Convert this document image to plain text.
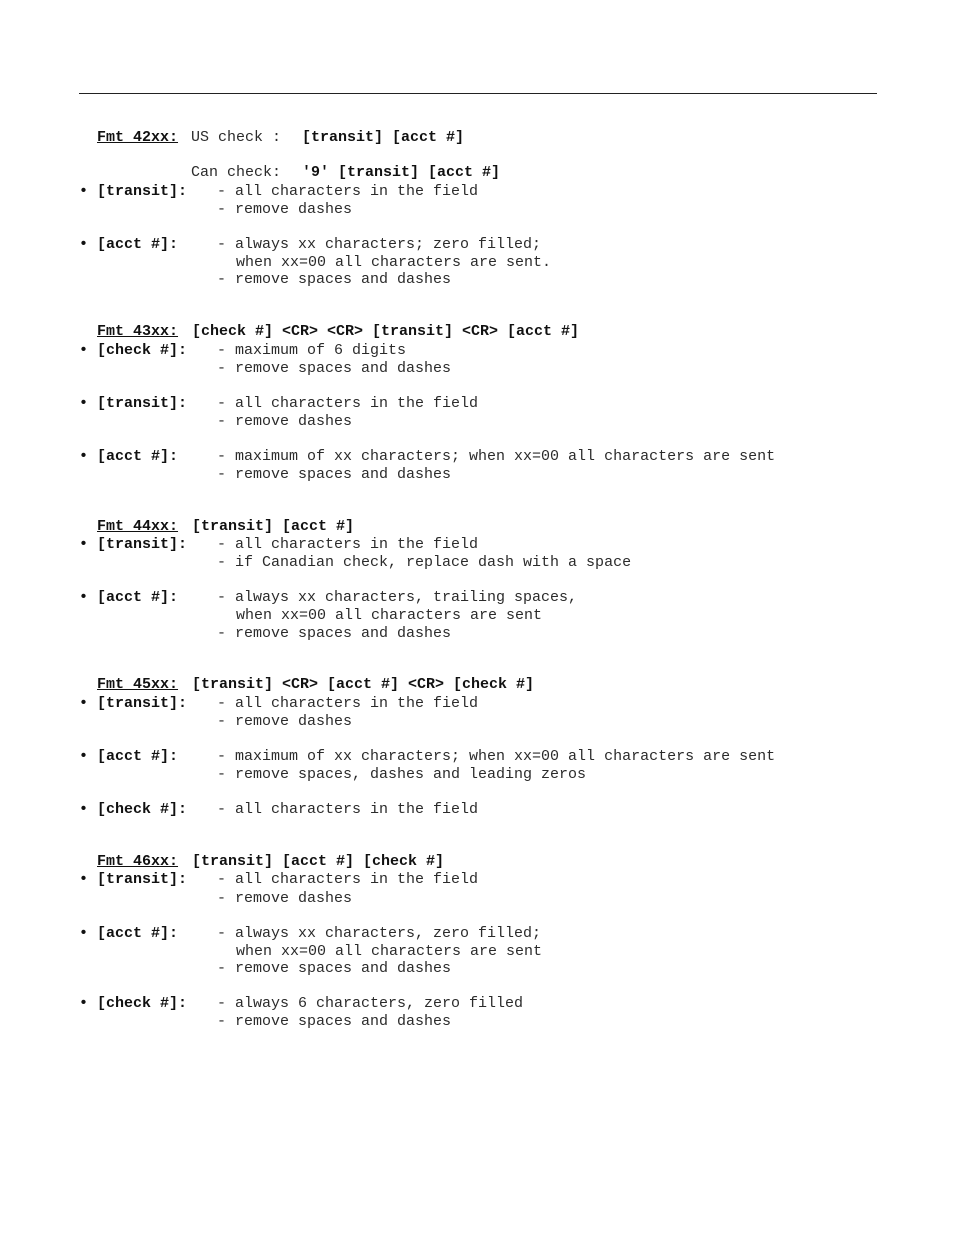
Fmt 42xx: US check : [transit] [acct #]

Can check: '9' [transit] [acct #]

• [transit]: - all characters in the field
- remove dashes
• [acct #]:	- always xx characters; zero filled;
when xx=00 all characters are sent.
- remove spaces and dashes

Fmt 43xx: [check #] <CR> <CR> [transit] <CR> [acct #]

• [check #]: - maximum of 6 digits
- remove spaces and dashes
• [transit]: - all characters in the field
- remove dashes
• [acct #]:	- maximum of xx characters; when xx=00 all characters are sent
- remove spaces and dashes

Fmt 44xx: [transit] [acct #]

• [transit]: - all characters in the field
- if Canadian check, replace dash with a space
• [acct #]:	- always xx characters, trailing spaces,
when xx=00 all characters are sent
- remove spaces and dashes

Fmt 45xx: [transit] <CR> [acct #] <CR> [check #]

• [transit]: - all characters in the field
- remove dashes
• [acct #]:	- maximum of xx characters; when xx=00 all characters are sent
- remove spaces, dashes and leading zeros
• [check #]: - all characters in the field

Fmt 46xx: [transit] [acct #] [check #]

• [transit]: - all characters in the field
- remove dashes
• [acct #]:	- always xx characters, zero filled;
when xx=00 all characters are sent
- remove spaces and dashes
• [check #]: - always 6 characters, zero filled
- remove spaces and dashes
